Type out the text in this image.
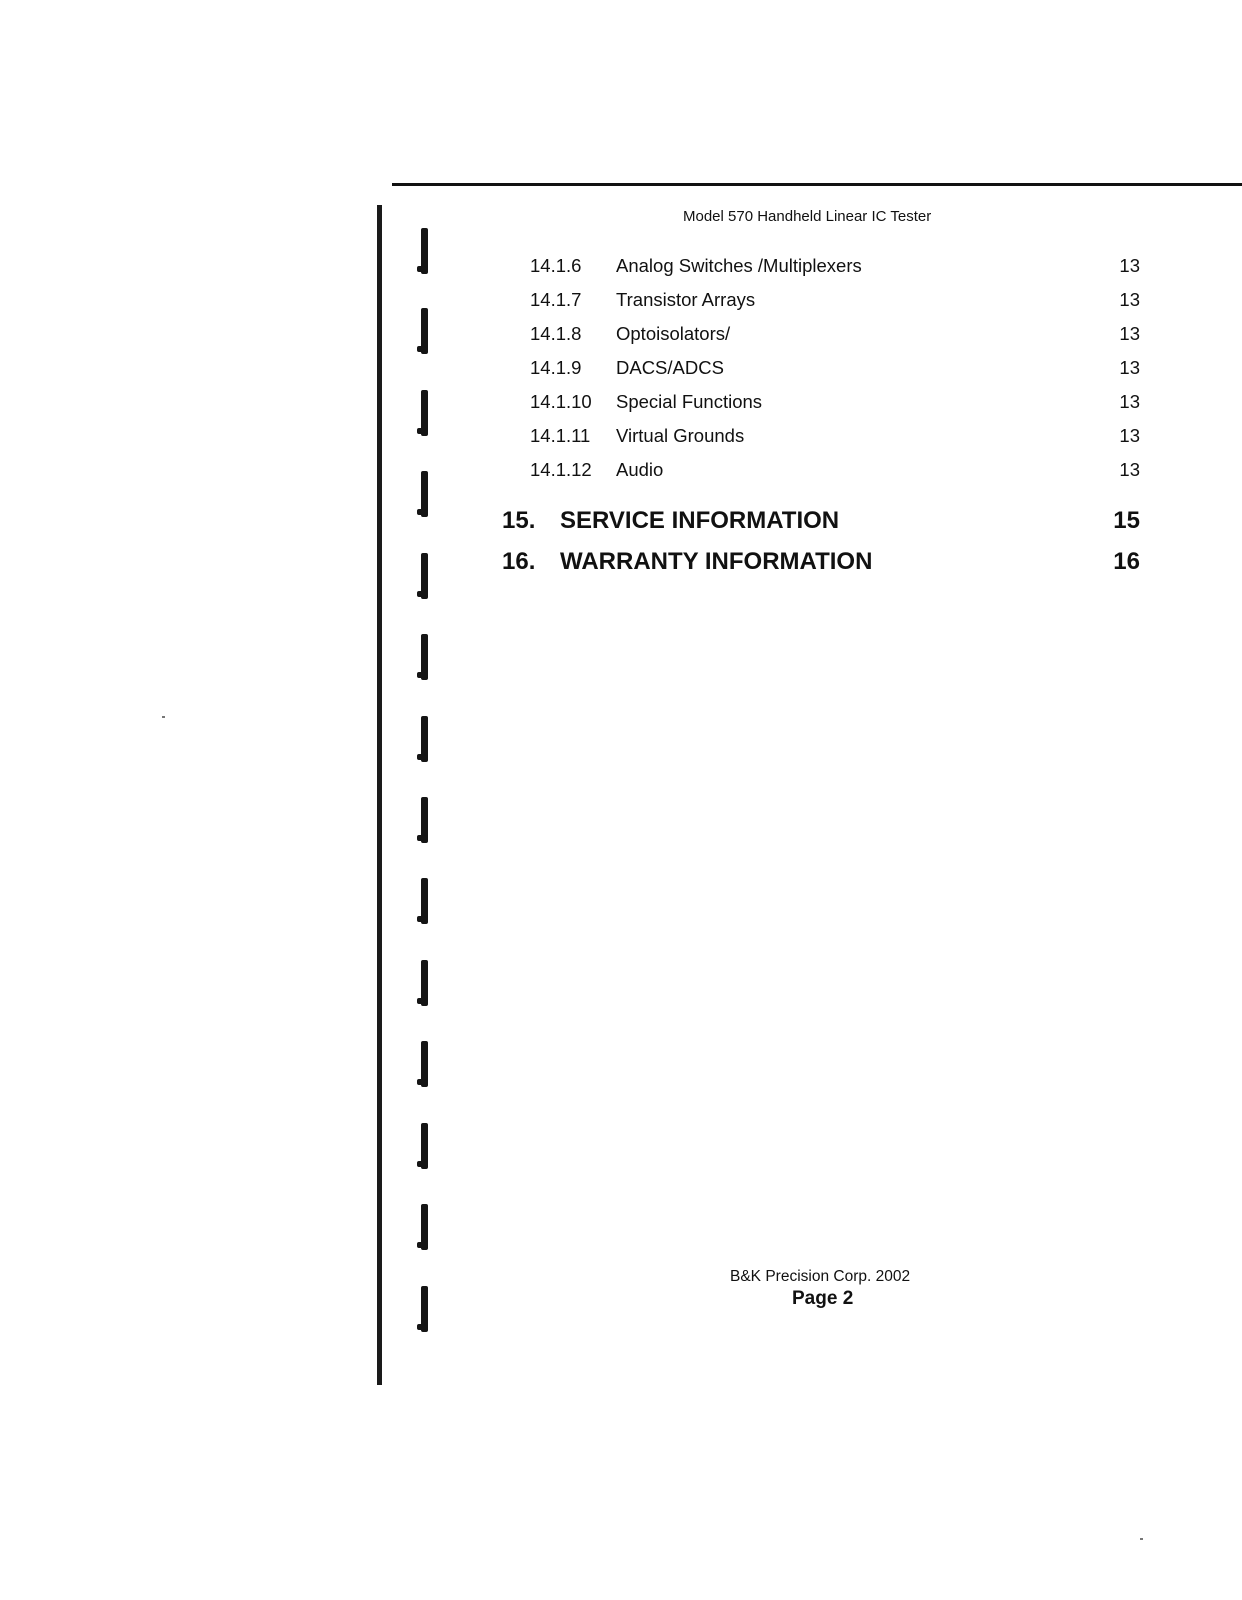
Model 570 Handheld Linear IC Tester
14.1.6 Analog Switches /Multiplexers	13
14.1.7 Transistor Arrays	13
14.1.8 Optoisolators/	13
14.1.9 DACS/ADCS	13
14.1.10 Special Functions	13
14.1.11 Virtual Grounds	13
14.1.12 Audio	13
15. SERVICE INFORMATION	15
16. WARRANTY INFORMATION	16
B&K Precision Corp. 2002
Page 2
